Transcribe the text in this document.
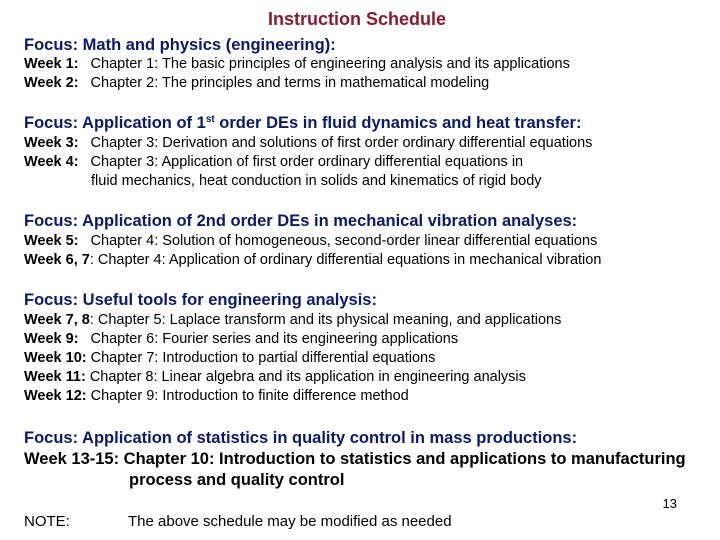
Instruction Schedule
Focus: Math and physics (engineering):
Week 1: Chapter 1: The basic principles of engineering analysis and its applications
Week 2: Chapter 2: The principles and terms in mathematical modeling
Focus: Application of 1st order DEs in fluid dynamics and heat transfer:
Week 3: Chapter 3: Derivation and solutions of first order ordinary differential equations
Week 4: Chapter 3: Application of first order ordinary differential equations in
fluid mechanics, heat conduction in solids and kinematics of rigid body
Focus: Application of 2nd order DEs in mechanical vibration analyses:
Week 5: Chapter 4: Solution of homogeneous, second-order linear differential equations
Week 6, 7: Chapter 4: Application of ordinary differential equations in mechanical vibration
Focus: Useful tools for engineering analysis:
Week 7, 8: Chapter 5: Laplace transform and its physical meaning, and applications
Week 9: Chapter 6: Fourier series and its engineering applications
Week 10: Chapter 7: Introduction to partial differential equations
Week 11: Chapter 8: Linear algebra and its application in engineering analysis
Week 12: Chapter 9: Introduction to finite difference method
Focus: Application of statistics in quality control in mass productions:
Week 13-15: Chapter 10: Introduction to statistics and applications to manufacturing
process and quality control
13
NOTE:	The above schedule may be modified as needed
